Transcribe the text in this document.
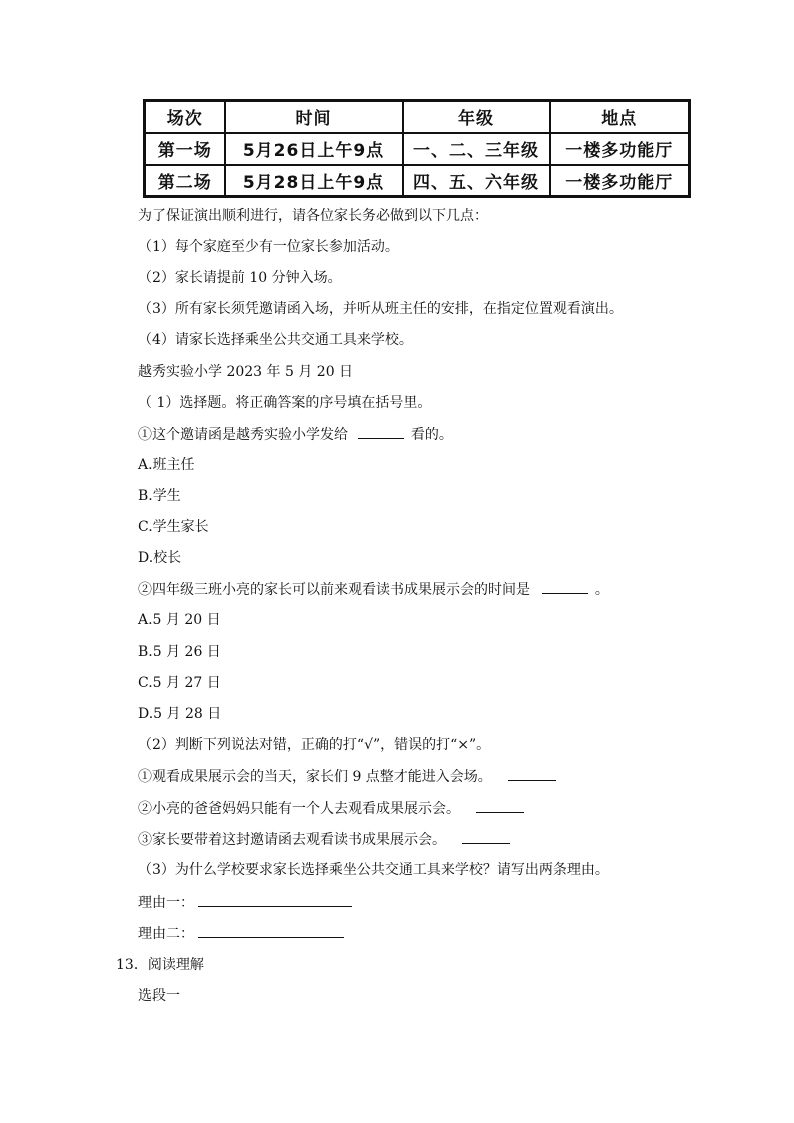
场次	时间	年级	地点
第一场	5月26日上午9点	一、二、三年级	一楼多功能厅
第二场	5月28日上午9点	四、五、六年级	一楼多功能厅
为了保证演出顺利进行，请各位家长务必做到以下几点：
（1）每个家庭至少有一位家长参加活动。
（2）家长请提前 10 分钟入场。
（3）所有家长须凭邀请函入场，并听从班主任的安排，在指定位置观看演出。
（4）请家长选择乘坐公共交通工具来学校。
越秀实验小学 2023 年 5 月 20 日
（ 1）选择题。将正确答案的序号填在括号里。
①这个邀请函是越秀实验小学发给	看的。
A.班主任
B.学生
C.学生家长
D.校长
②四年级三班小亮的家长可以前来观看读书成果展示会的时间是	。
A.5 月 20 日
B.5 月 26 日
C.5 月 27 日
D.5 月 28 日
（2）判断下列说法对错，正确的打“√”，错误的打“×”。
①观看成果展示会的当天，家长们 9 点整才能进入会场。
②小亮的爸爸妈妈只能有一个人去观看成果展示会。
③家长要带着这封邀请函去观看读书成果展示会。
（3）为什么学校要求家长选择乘坐公共交通工具来学校？请写出两条理由。
理由一：
理由二：
13．阅读理解
选段一
